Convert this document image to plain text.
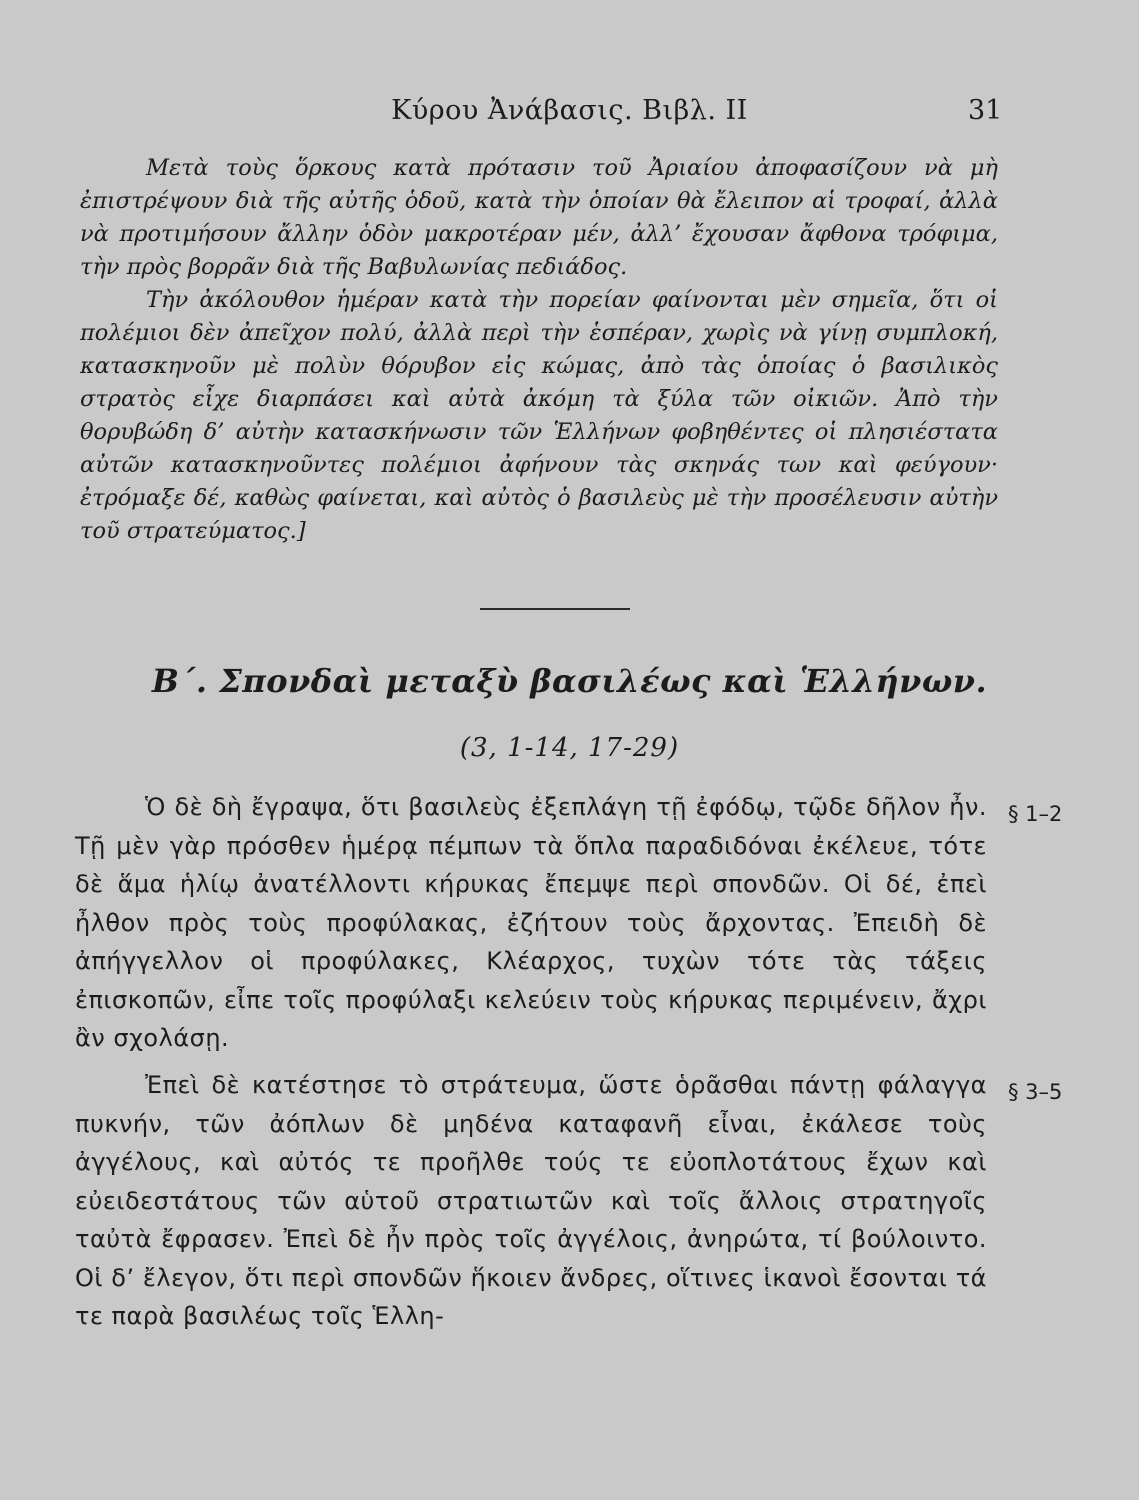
Κύρου Ἀνάβασις. Βιβλ. II	31

Μετὰ τοὺς ὅρκους κατὰ πρότασιν τοῦ Ἀριαίου ἀποφασίζουν νὰ μὴ ἐπιστρέψουν διὰ τῆς αὐτῆς ὁδοῦ, κατὰ τὴν ὁποίαν θὰ ἔλειπον αἱ τροφαί, ἀλλὰ νὰ προτιμήσουν ἄλλην ὁδὸν μακροτέραν μέν, ἀλλ’ ἔχουσαν ἄφθονα τρόφιμα, τὴν πρὸς βορρᾶν διὰ τῆς Βαβυλωνίας πεδιάδος.

Τὴν ἀκόλουθον ἡμέραν κατὰ τὴν πορείαν φαίνονται μὲν σημεῖα, ὅτι οἱ πολέμιοι δὲν ἀπεῖχον πολύ, ἀλλὰ περὶ τὴν ἑσπέραν, χωρὶς νὰ γίνῃ συμπλοκή, κατασκηνοῦν μὲ πολὺν θόρυβον εἰς κώμας, ἀπὸ τὰς ὁποίας ὁ βασιλικὸς στρατὸς εἶχε διαρπάσει καὶ αὐτὰ ἀκόμη τὰ ξύλα τῶν οἰκιῶν. Ἀπὸ τὴν θορυβώδη δ’ αὐτὴν κατασκήνωσιν τῶν Ἑλλήνων φοβηθέντες οἱ πλησιέστατα αὐτῶν κατασκηνοῦντες πολέμιοι ἀφήνουν τὰς σκηνάς των καὶ φεύγουν· ἐτρόμαξε δέ, καθὼς φαίνεται, καὶ αὐτὸς ὁ βασιλεὺς μὲ τὴν προσέλευσιν αὐτὴν τοῦ στρατεύματος.]

Β΄. Σπονδαὶ μεταξὺ βασιλέως καὶ Ἑλλήνων.
(3, 1-14, 17-29)

Ὁ δὲ δὴ ἔγραψα, ὅτι βασιλεὺς ἐξεπλάγη τῇ ἐφόδῳ, τῷδε δῆλον ἦν. Τῇ μὲν γὰρ πρόσθεν ἡμέρᾳ πέμπων τὰ ὅπλα παραδιδόναι ἐκέλευε, τότε δὲ ἅμα ἡλίῳ ἀνατέλλοντι κήρυκας ἔπεμψε περὶ σπονδῶν. Οἱ δέ, ἐπεὶ ἦλθον πρὸς τοὺς προφύλακας, ἐζήτουν τοὺς ἄρχοντας. Ἐπειδὴ δὲ ἀπήγγελλον οἱ προφύλακες, Κλέαρχος, τυχὼν τότε τὰς τάξεις ἐπισκοπῶν, εἶπε τοῖς προφύλαξι κελεύειν τοὺς κήρυκας περιμένειν, ἄχρι ἂν σχολάσῃ.

§ 1–2

Ἐπεὶ δὲ κατέστησε τὸ στράτευμα, ὥστε ὁρᾶσθαι πάντῃ φάλαγγα πυκνήν, τῶν ἀόπλων δὲ μηδένα καταφανῆ εἶναι, ἐκάλεσε τοὺς ἀγγέλους, καὶ αὐτός τε προῆλθε τούς τε εὐοπλοτάτους ἔχων καὶ εὐειδεστάτους τῶν αὑτοῦ στρατιωτῶν καὶ τοῖς ἄλλοις στρατηγοῖς ταὐτὰ ἔφρασεν. Ἐπεὶ δὲ ἦν πρὸς τοῖς ἀγγέλοις, ἀνηρώτα, τί βούλοιντο. Οἱ δ’ ἔλεγον, ὅτι περὶ σπονδῶν ἥκοιεν ἄνδρες, οἵτινες ἱκανοὶ ἔσονται τά τε παρὰ βασιλέως τοῖς Ἑλλη-

§ 3–5
